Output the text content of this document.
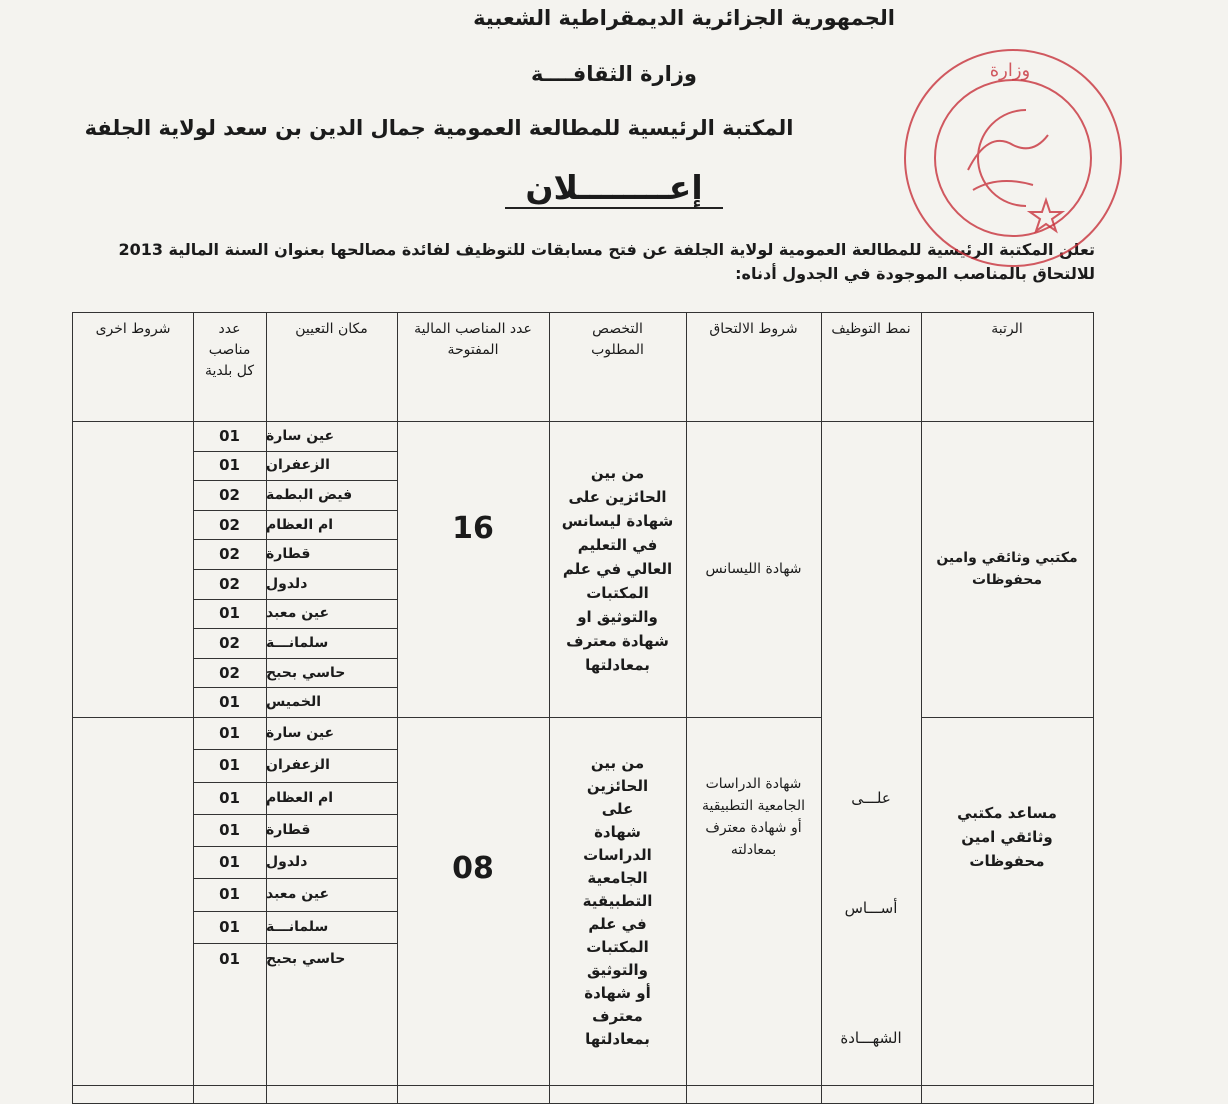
الجمهورية الجزائرية الديمقراطية الشعبية
وزارة الثقافــــة
المكتبة الرئيسية للمطالعة العمومية جمال الدين بن سعد لولاية الجلفة
إعــــــــلان
تعلن المكتبة الرئيسية للمطالعة العمومية لولاية الجلفة عن فتح مسابقات للتوظيف لفائدة مصالحها بعنوان السنة المالية 2013 للالتحاق بالمناصب الموجودة في الجدول أدناه:
وزارة
الرتبة
نمط التوظيف
شروط الالتحاق
التخصص المطلوب
عدد المناصب المالية المفتوحة
مكان التعيين
عدد مناصب كل بلدية
شروط اخرى
مكتبي وثائقي وامين محفوظات
شهادة الليسانس
من بين الحائزين على شهادة ليسانس في التعليم العالي في علم المكتبات والتوثيق او شهادة معترف بمعادلتها
16
مساعد مكتبي وثائقي امين محفوظات
شهادة الدراسات الجامعية التطبيقية أو شهادة معترف بمعادلته
من بين الحائزين على شهادة الدراسات الجامعية التطبيقية في علم المكتبات والتوثيق أو شهادة معترف بمعادلتها
08
علـــى
أســـاس
الشهـــادة
عين سارة
01
الزعفران
01
فيض البطمة
02
ام العظام
02
قطارة
02
دلدول
02
عين معبد
01
سلمانـــة
02
حاسي بحبح
02
الخميس
01
عين سارة
01
الزعفران
01
ام العظام
01
قطارة
01
دلدول
01
عين معبد
01
سلمانـــة
01
حاسي بحبح
01
